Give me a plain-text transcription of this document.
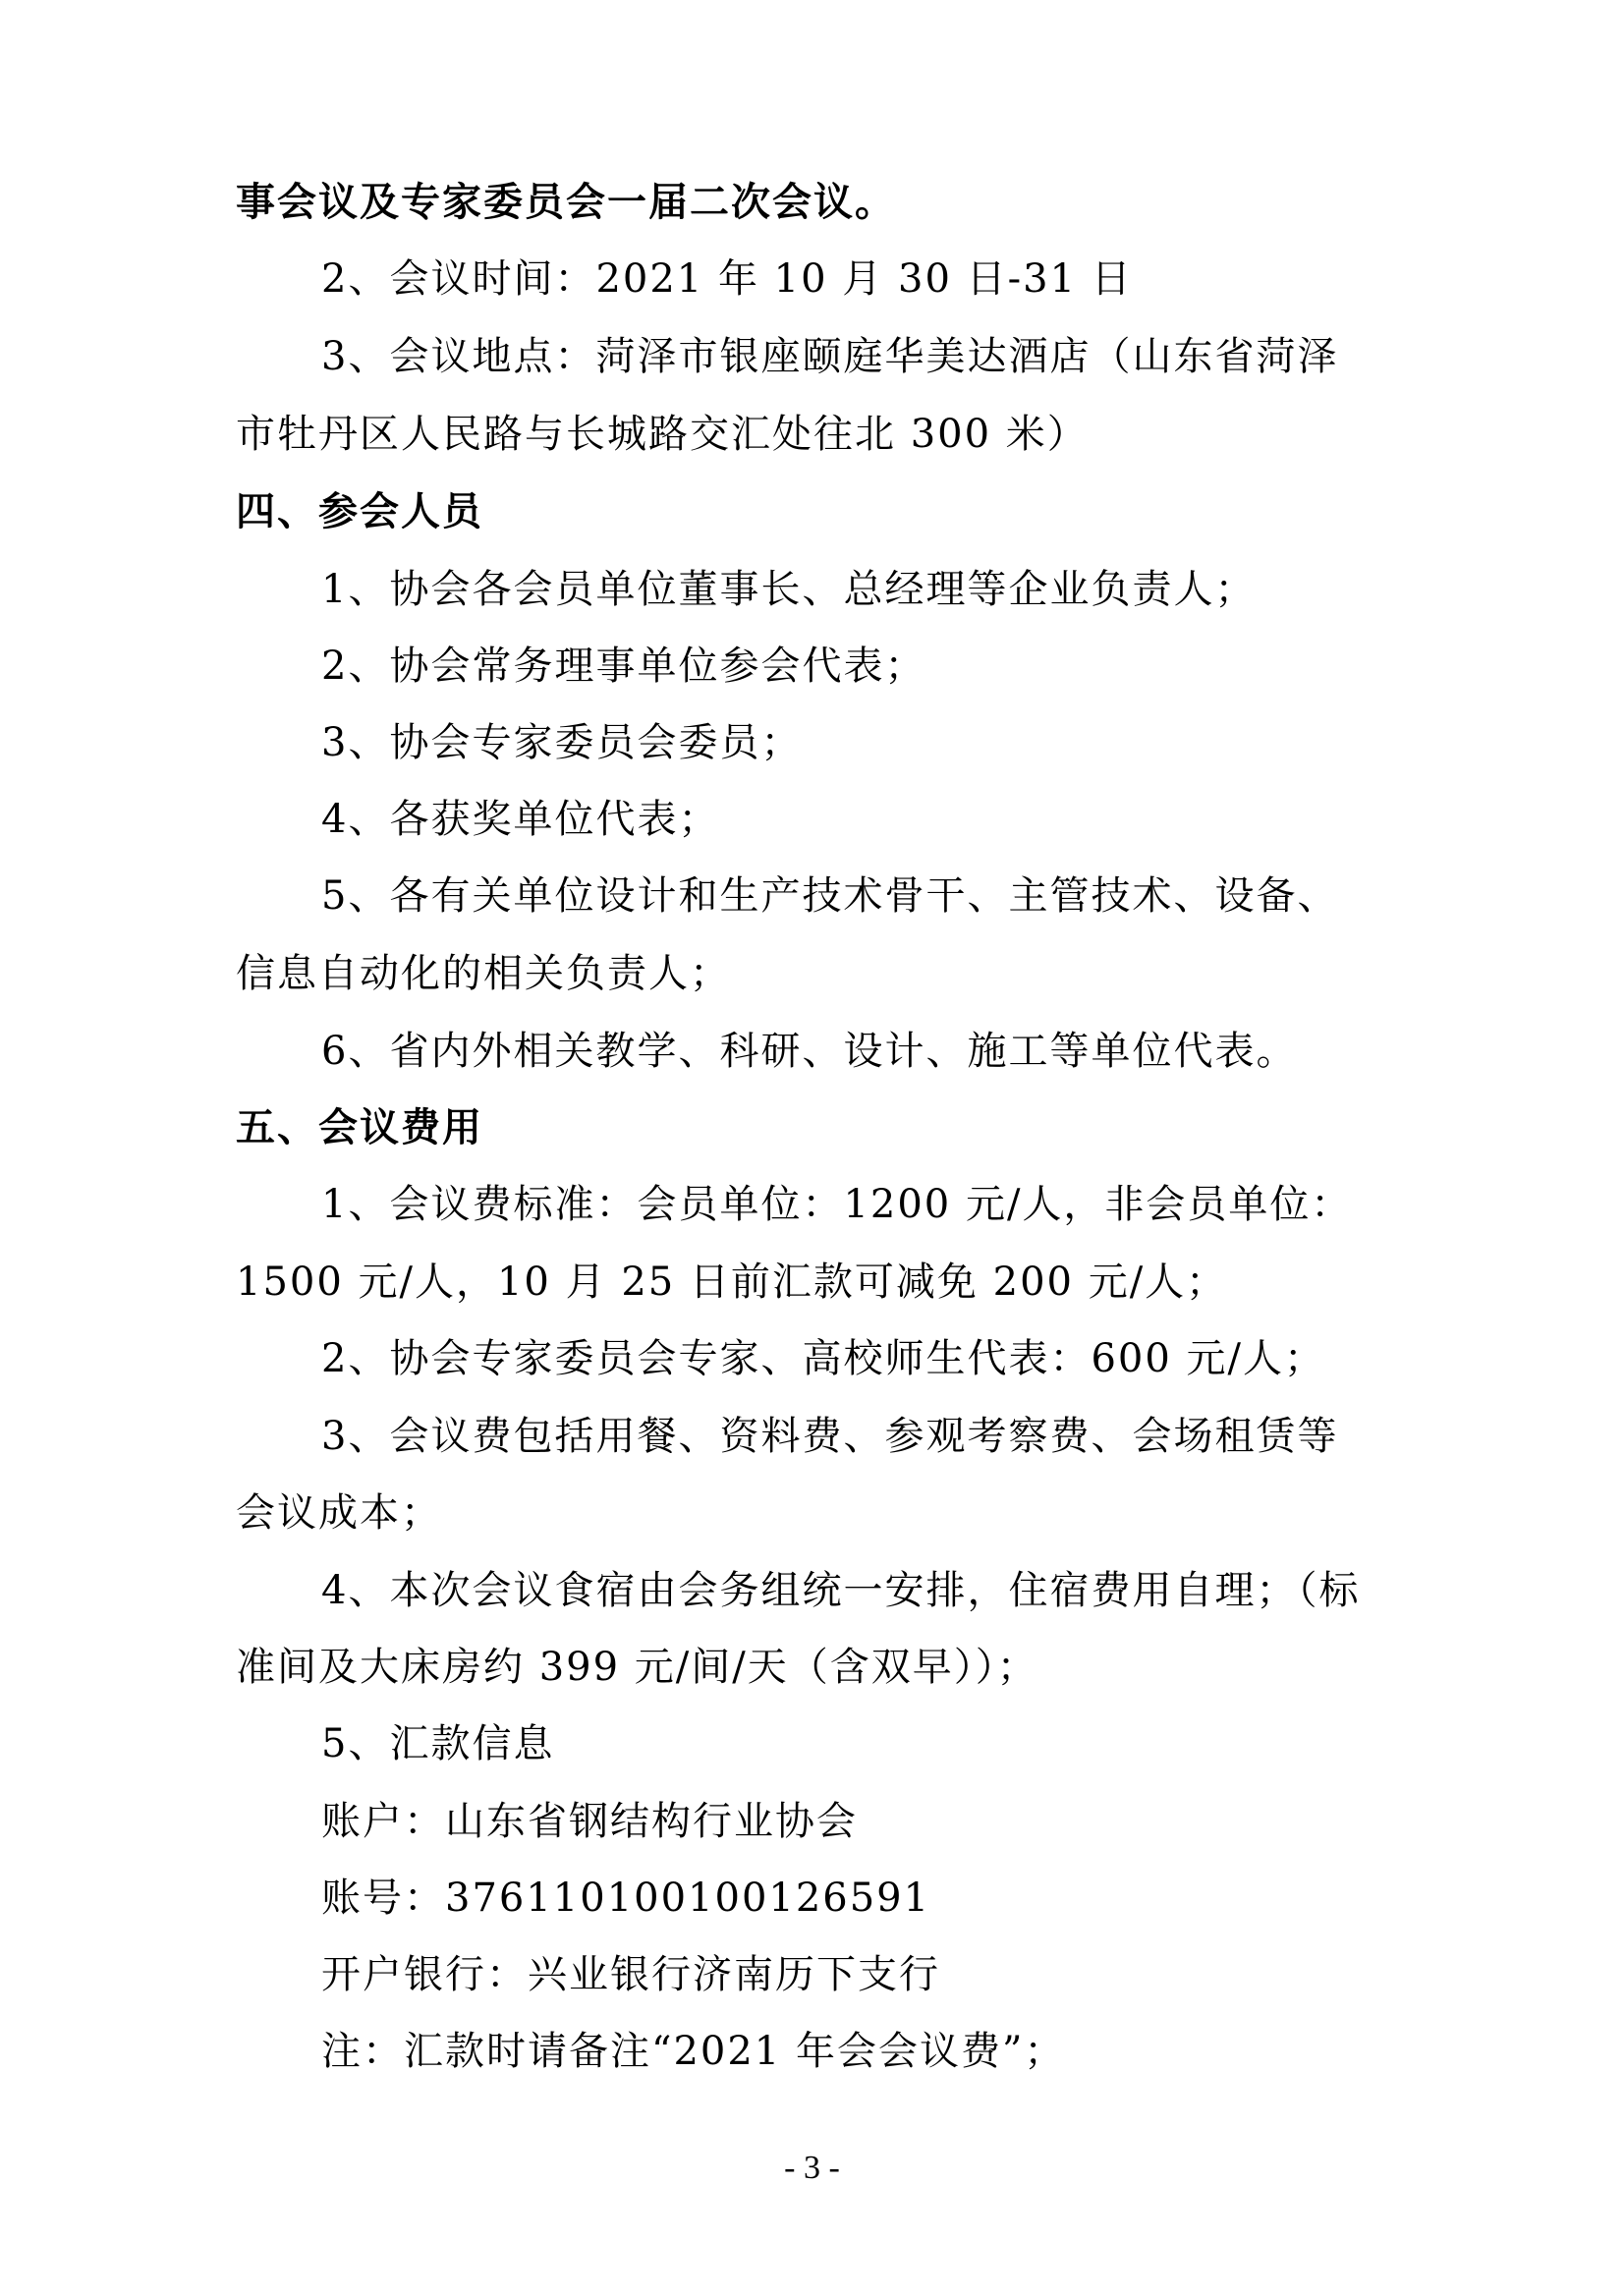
事会议及专家委员会一届二次会议。
2、会议时间：2021 年 10 月 30 日-31 日
3、会议地点：菏泽市银座颐庭华美达酒店（山东省菏泽
市牡丹区人民路与长城路交汇处往北 300 米）
四、参会人员
1、协会各会员单位董事长、总经理等企业负责人；
2、协会常务理事单位参会代表；
3、协会专家委员会委员；
4、各获奖单位代表；
5、各有关单位设计和生产技术骨干、主管技术、设备、
信息自动化的相关负责人；
6、省内外相关教学、科研、设计、施工等单位代表。
五、会议费用
1、会议费标准：会员单位：1200 元/人，非会员单位：
1500 元/人，10 月 25 日前汇款可减免 200 元/人；
2、协会专家委员会专家、高校师生代表：600 元/人；
3、会议费包括用餐、资料费、参观考察费、会场租赁等
会议成本；
4、本次会议食宿由会务组统一安排，住宿费用自理；（标
准间及大床房约 399 元/间/天（含双早））；
5、汇款信息
账户：山东省钢结构行业协会
账号：376110100100126591
开户银行：兴业银行济南历下支行
注：汇款时请备注“2021 年会会议费”；
- 3 -
